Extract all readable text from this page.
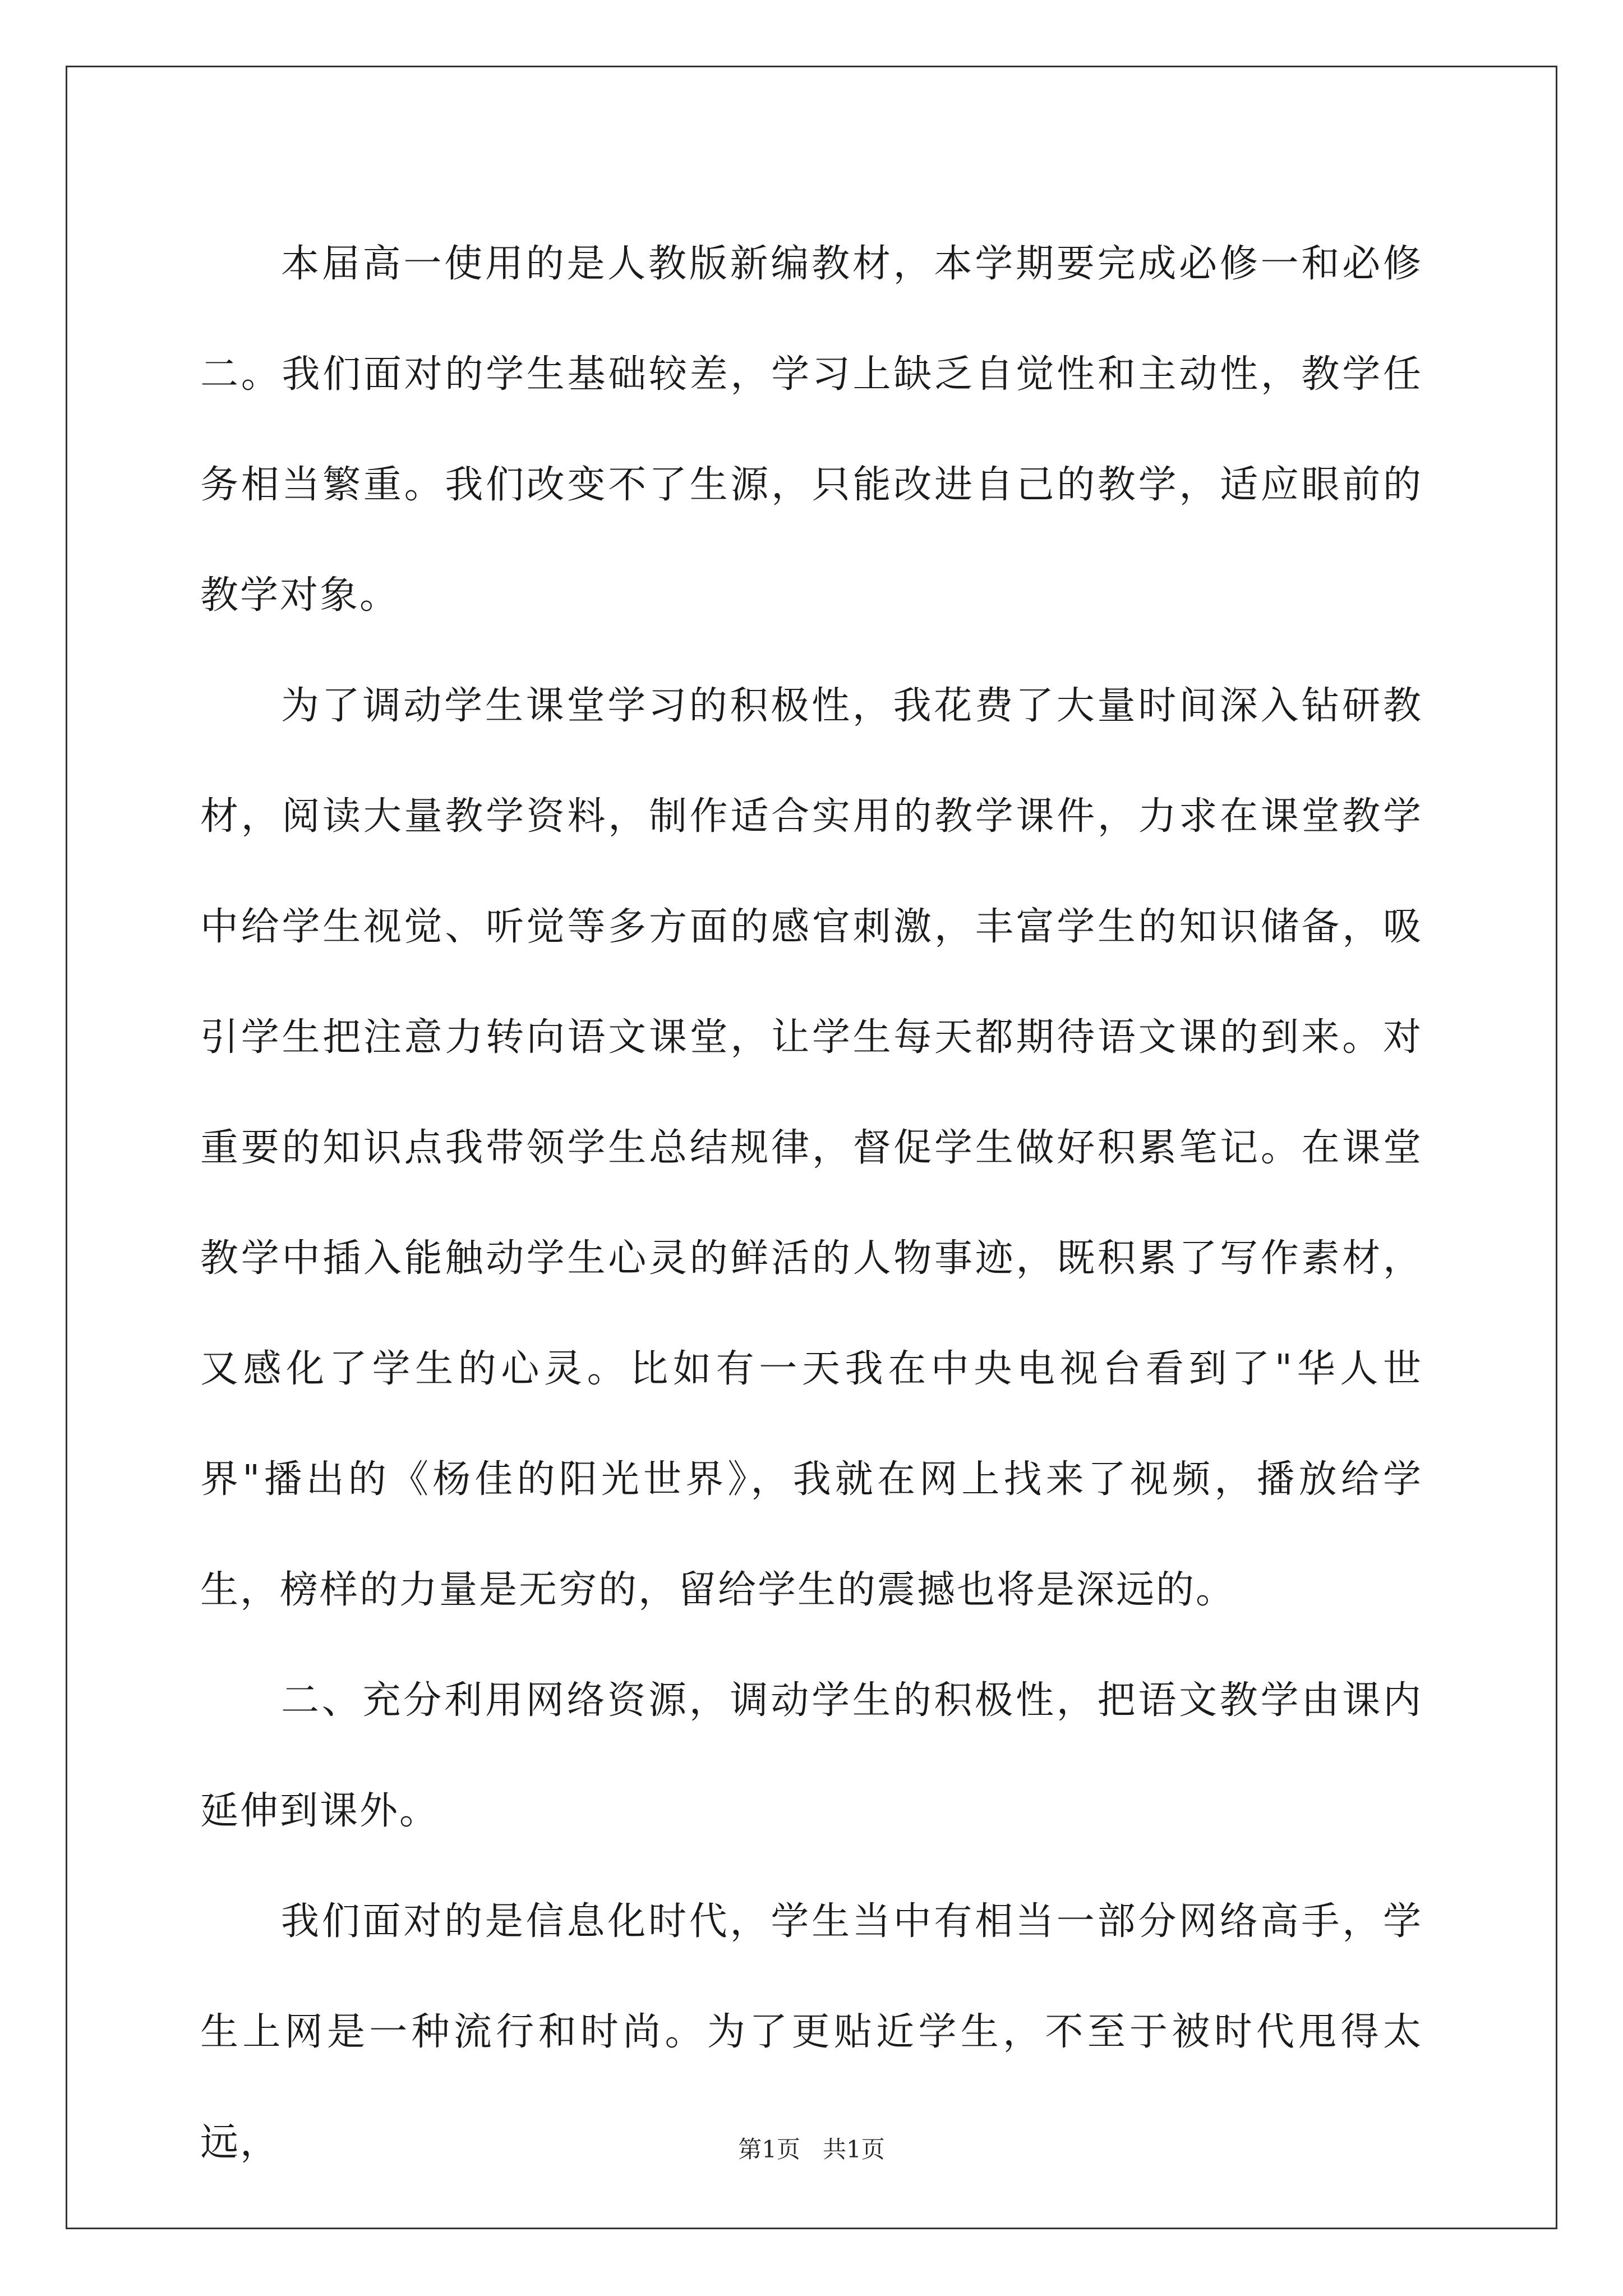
本届高一使用的是人教版新编教材，本学期要完成必修一和必修二。我们面对的学生基础较差，学习上缺乏自觉性和主动性，教学任务相当繁重。我们改变不了生源，只能改进自己的教学，适应眼前的教学对象。

为了调动学生课堂学习的积极性，我花费了大量时间深入钻研教材，阅读大量教学资料，制作适合实用的教学课件，力求在课堂教学中给学生视觉、听觉等多方面的感官刺激，丰富学生的知识储备，吸引学生把注意力转向语文课堂，让学生每天都期待语文课的到来。对重要的知识点我带领学生总结规律，督促学生做好积累笔记。在课堂教学中插入能触动学生心灵的鲜活的人物事迹，既积累了写作素材，又感化了学生的心灵。比如有一天我在中央电视台看到了"华人世界"播出的《杨佳的阳光世界》，我就在网上找来了视频，播放给学生，榜样的力量是无穷的，留给学生的震撼也将是深远的。

二、充分利用网络资源，调动学生的积极性，把语文教学由课内延伸到课外。

我们面对的是信息化时代，学生当中有相当一部分网络高手，学生上网是一种流行和时尚。为了更贴近学生，不至于被时代甩得太远，	第1页   共1页
